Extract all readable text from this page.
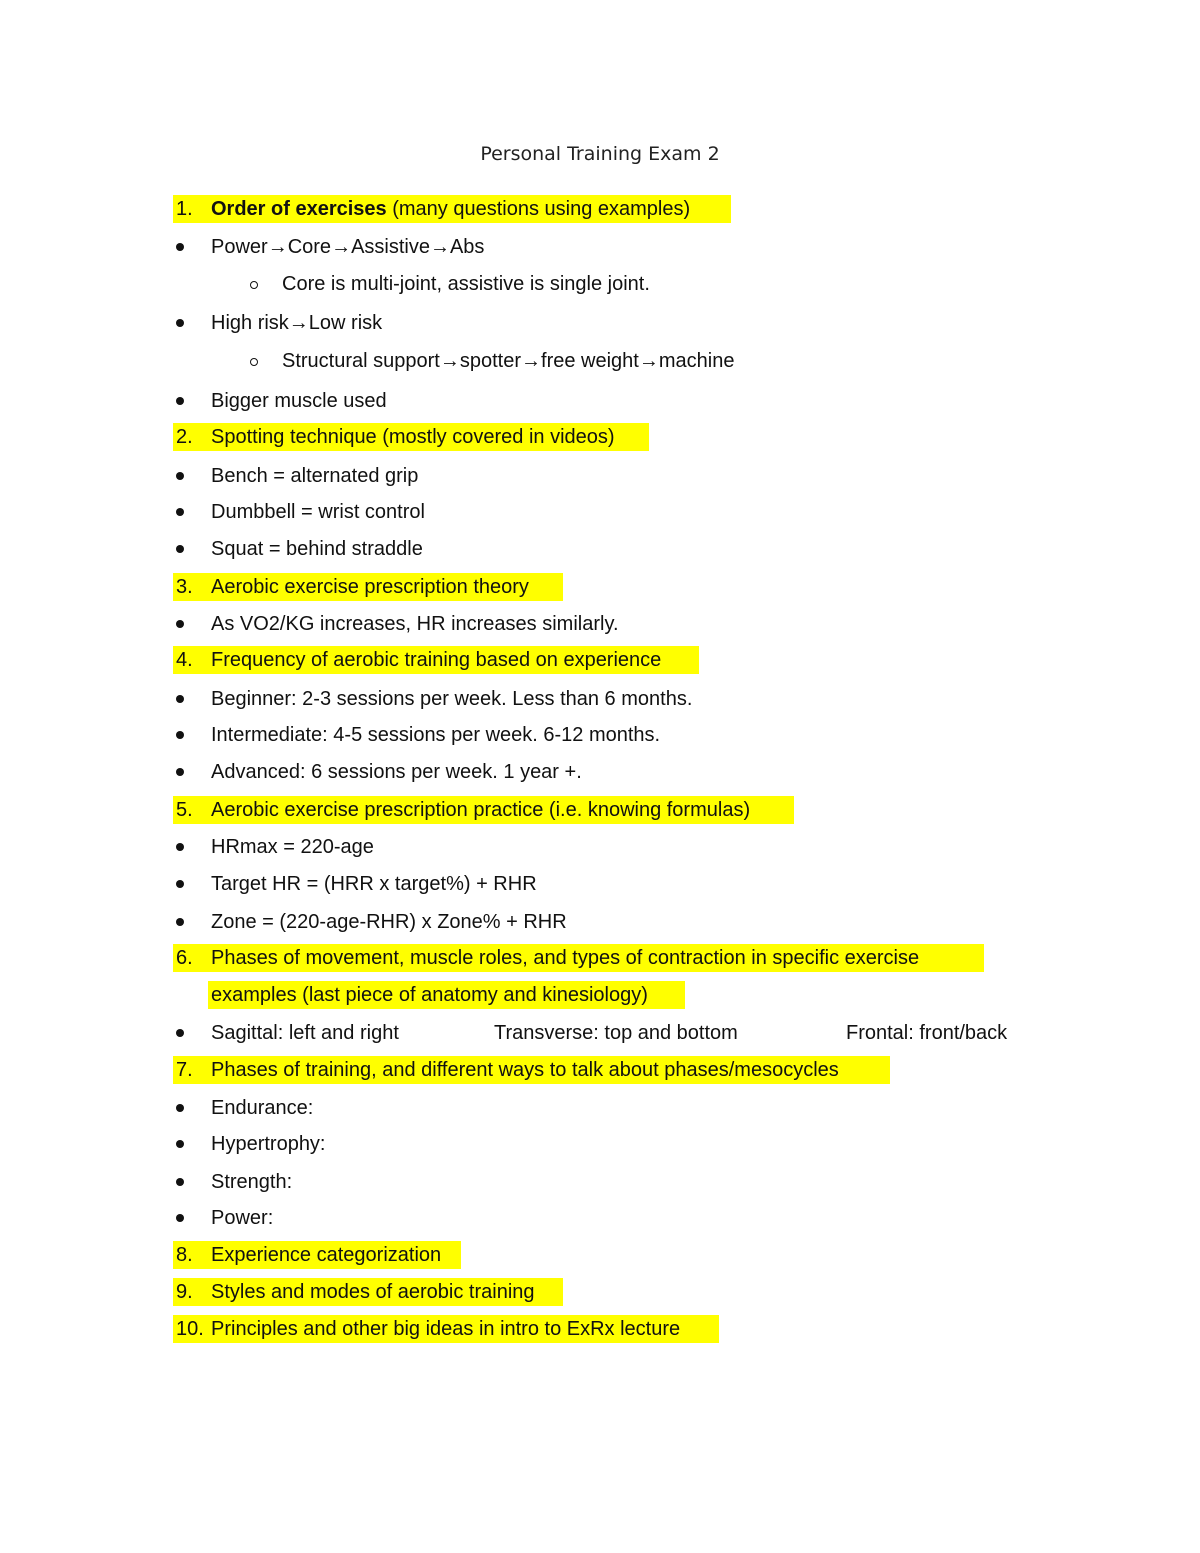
Personal Training Exam 2
1. Order of exercises (many questions using examples)
Power→Core→Assistive→Abs
Core is multi-joint, assistive is single joint.
High risk→Low risk
Structural support→spotter→free weight→machine
Bigger muscle used
2. Spotting technique (mostly covered in videos)
Bench = alternated grip
Dumbbell = wrist control
Squat = behind straddle
3. Aerobic exercise prescription theory
As VO2/KG increases, HR increases similarly.
4. Frequency of aerobic training based on experience
Beginner: 2-3 sessions per week. Less than 6 months.
Intermediate: 4-5 sessions per week. 6-12 months.
Advanced: 6 sessions per week. 1 year +.
5. Aerobic exercise prescription practice (i.e. knowing formulas)
HRmax = 220-age
Target HR = (HRR x target%) + RHR
Zone = (220-age-RHR) x Zone% + RHR
6. Phases of movement, muscle roles, and types of contraction in specific exercise
examples (last piece of anatomy and kinesiology)
Sagittal: left and right	Transverse: top and bottom	Frontal: front/back
7. Phases of training, and different ways to talk about phases/mesocycles
Endurance:
Hypertrophy:
Strength:
Power:
8. Experience categorization
9. Styles and modes of aerobic training
10. Principles and other big ideas in intro to ExRx lecture
